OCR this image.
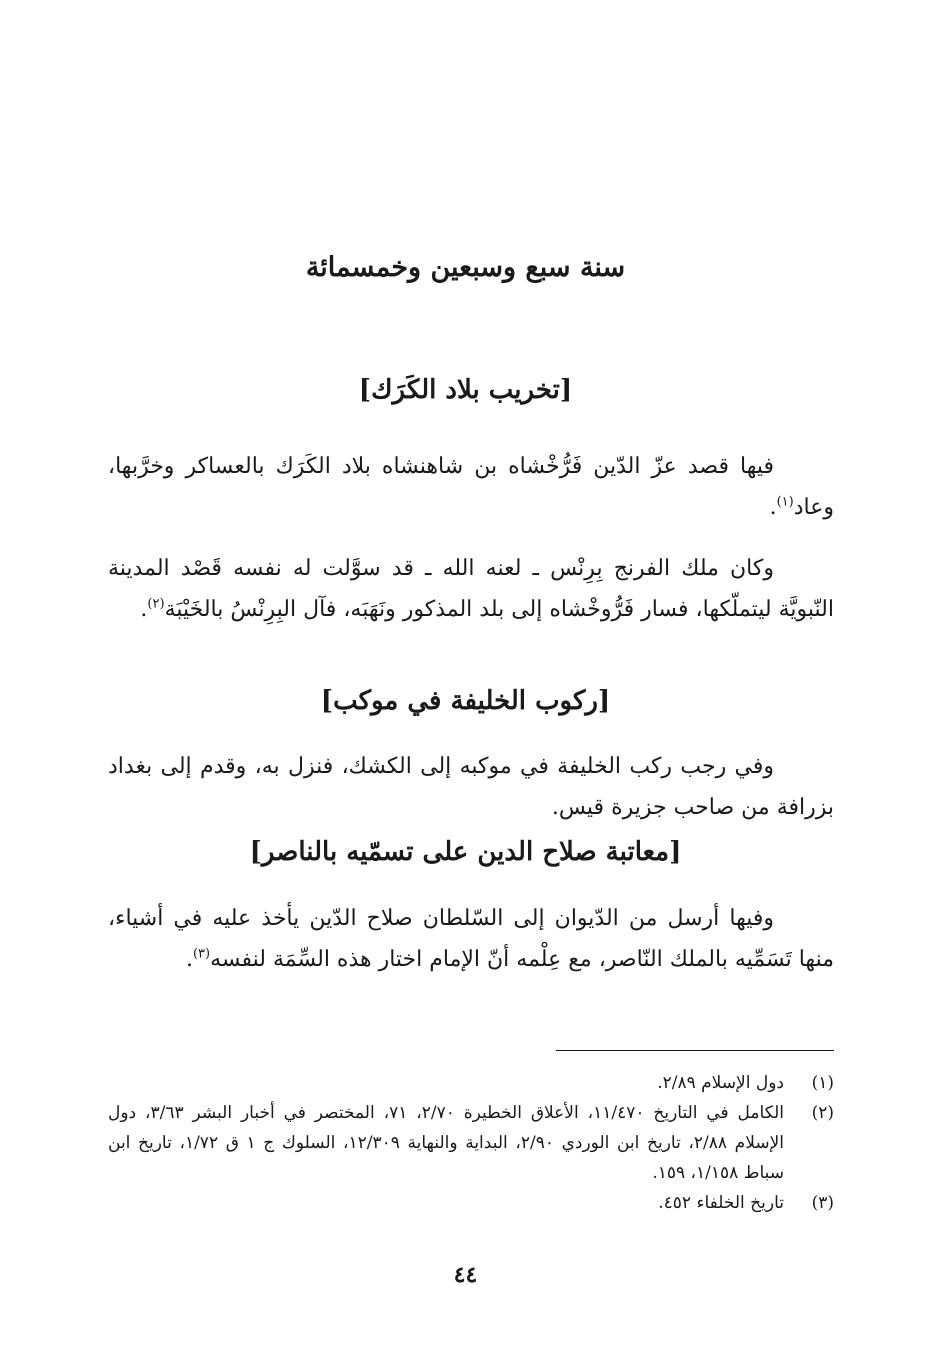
سنة سبع وسبعين وخمسمائة
[تخريب بلاد الكَرَك]

فيها قصد عزّ الدّين فَرُّخْشاه بن شاهنشاه بلاد الكَرَك بالعساكر وخرَّبها، وعاد$^{(١)}$.

وكان ملك الفرنج بِرِنْس ـ لعنه الله ـ قد سوَّلت له نفسه قَصْد المدينة النّبويَّة ليتملّكها، فسار فَرُّوخْشاه إلى بلد المذكور ونَهَبَه، فآل البِرِنْسُ بالخَيْبَة$^{(٢)}$.

[ركوب الخليفة في موكب]

وفي رجب ركب الخليفة في موكبه إلى الكشك، فنزل به، وقدم إلى بغداد بزرافة من صاحب جزيرة قيس.

[معاتبة صلاح الدين على تسمّيه بالناصر]

وفيها أرسل من الدّيوان إلى السّلطان صلاح الدّين يأخذ عليه في أشياء، منها تَسَمِّيه بالملك النّاصر، مع عِلْمه أنّ الإمام اختار هذه السِّمَة لنفسه$^{(٣)}$.

(١)
دول الإسلام ٢/٨٩.
(٢)
الكامل في التاريخ ١١/٤٧٠، الأعلاق الخطيرة ٢/٧٠، ٧١، المختصر في أخبار البشر ٣/٦٣، دول الإسلام ٢/٨٨، تاريخ ابن الوردي ٢/٩٠، البداية والنهاية ١٢/٣٠٩، السلوك ج ١ ق ١/٧٢، تاريخ ابن سباط ١/١٥٨، ١٥٩.
(٣)
تاريخ الخلفاء ٤٥٢.
٤٤
